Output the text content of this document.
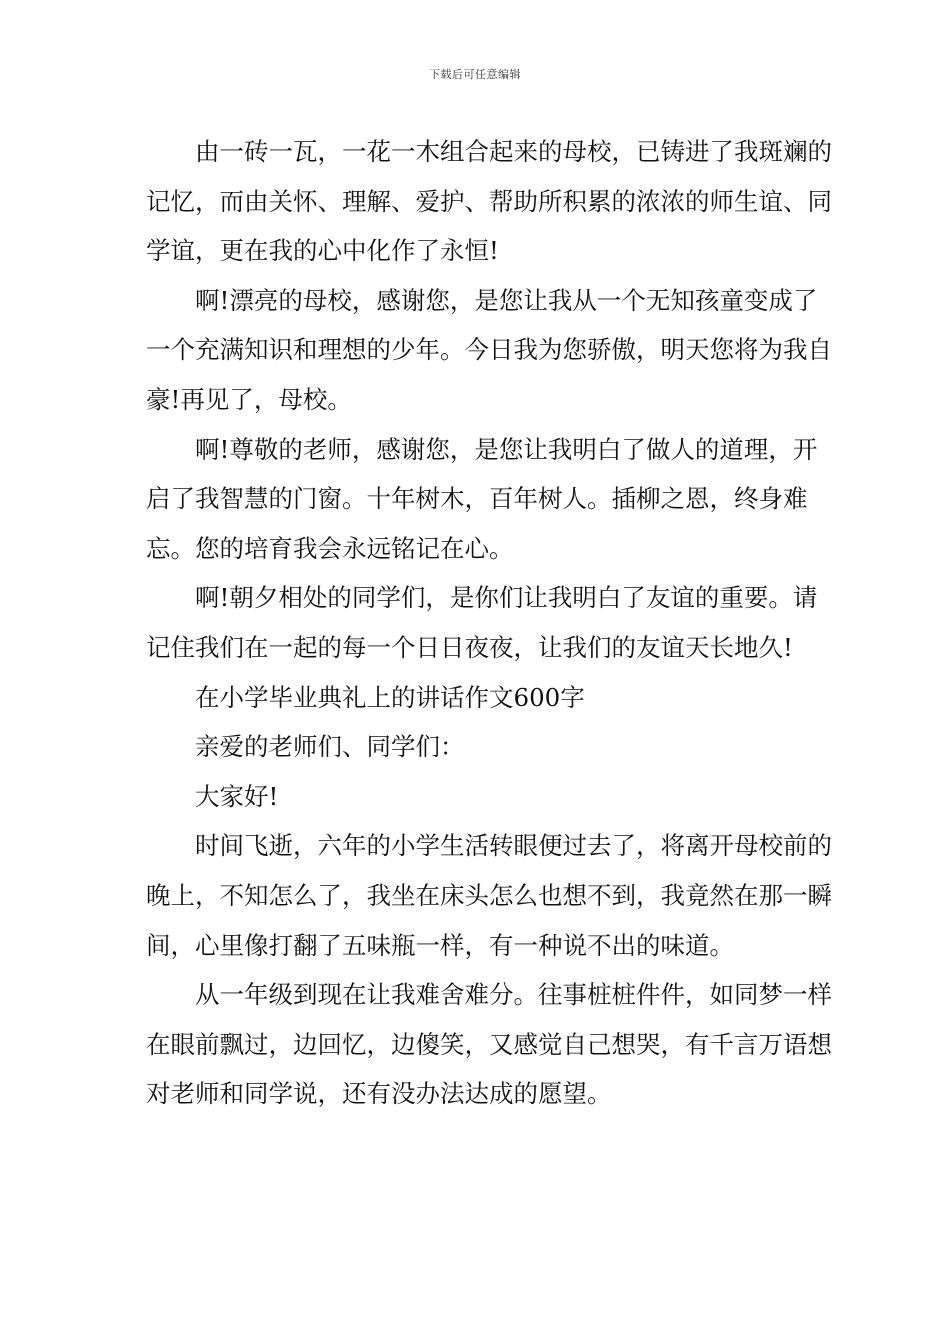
下载后可任意编辑

由一砖一瓦，一花一木组合起来的母校，已铸进了我斑斓的记忆，而由关怀、理解、爱护、帮助所积累的浓浓的师生谊、同学谊，更在我的心中化作了永恒!

啊!漂亮的母校，感谢您，是您让我从一个无知孩童变成了一个充满知识和理想的少年。今日我为您骄傲，明天您将为我自豪!再见了，母校。

啊!尊敬的老师，感谢您，是您让我明白了做人的道理，开启了我智慧的门窗。十年树木，百年树人。插柳之恩，终身难忘。您的培育我会永远铭记在心。

啊!朝夕相处的同学们，是你们让我明白了友谊的重要。请记住我们在一起的每一个日日夜夜，让我们的友谊天长地久!

在小学毕业典礼上的讲话作文600字

亲爱的老师们、同学们：

大家好!

时间飞逝，六年的小学生活转眼便过去了，将离开母校前的晚上，不知怎么了，我坐在床头怎么也想不到，我竟然在那一瞬间，心里像打翻了五味瓶一样，有一种说不出的味道。

从一年级到现在让我难舍难分。往事桩桩件件，如同梦一样在眼前飘过，边回忆，边傻笑，又感觉自己想哭，有千言万语想对老师和同学说，还有没办法达成的愿望。
